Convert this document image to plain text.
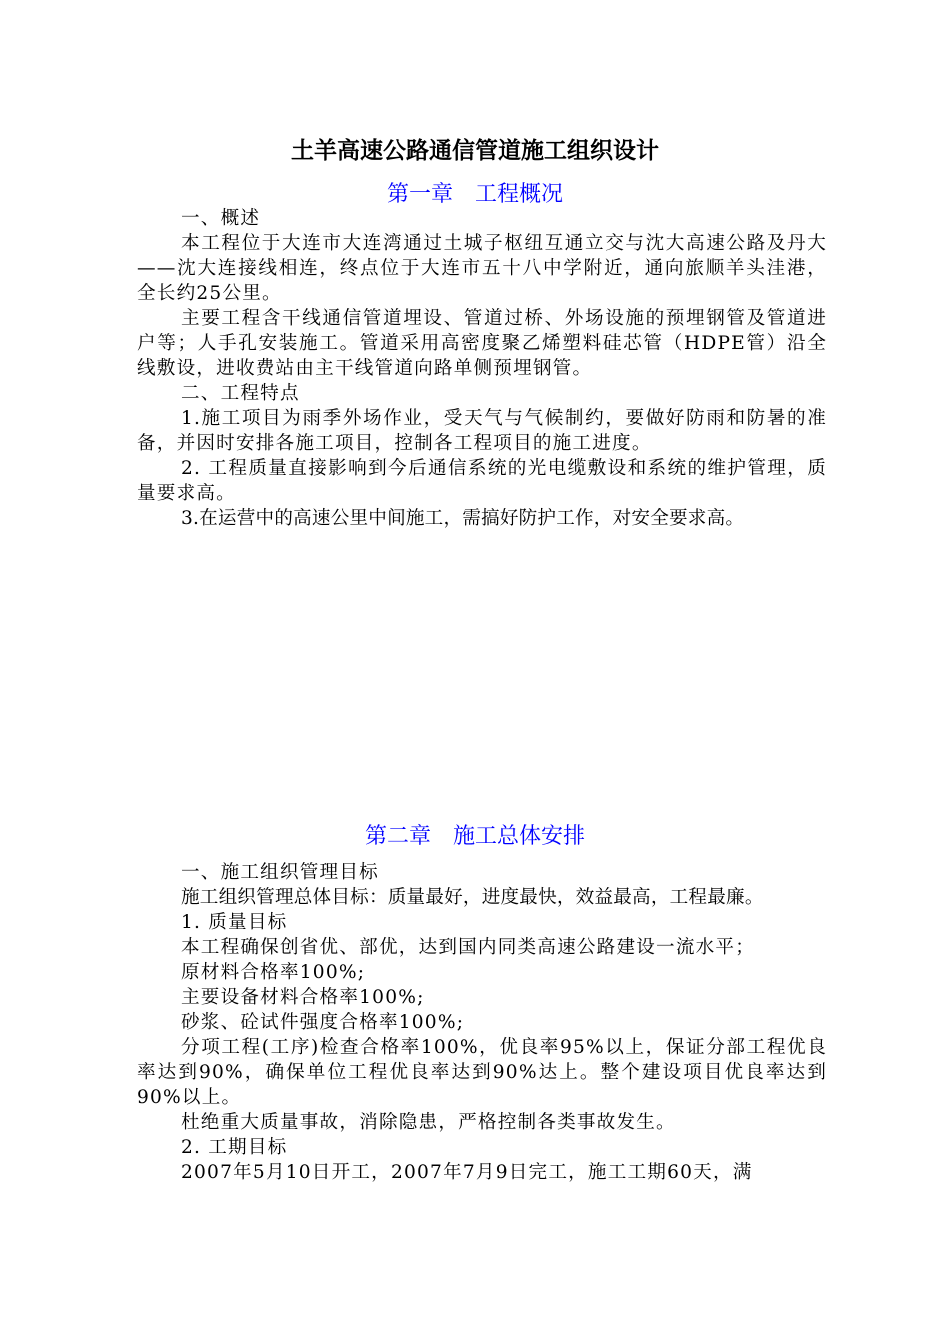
土羊高速公路通信管道施工组织设计
第一章　工程概况

一、概述

本工程位于大连市大连湾通过土城子枢纽互通立交与沈大高速公路及丹大——沈大连接线相连，终点位于大连市五十八中学附近，通向旅顺羊头洼港，全长约25公里。

主要工程含干线通信管道埋设、管道过桥、外场设施的预埋钢管及管道进户等；人手孔安装施工。管道采用高密度聚乙烯塑料硅芯管（HDPE管）沿全线敷设，进收费站由主干线管道向路单侧预埋钢管。

二、工程特点

1.施工项目为雨季外场作业，受天气与气候制约，要做好防雨和防暑的准备，并因时安排各施工项目，控制各工程项目的施工进度。

2. 工程质量直接影响到今后通信系统的光电缆敷设和系统的维护管理，质量要求高。

3.在运营中的高速公里中间施工，需搞好防护工作，对安全要求高。

第二章　施工总体安排

一、施工组织管理目标

施工组织管理总体目标：质量最好，进度最快，效益最高，工程最廉。

1. 质量目标

本工程确保创省优、部优，达到国内同类高速公路建设一流水平；

原材料合格率100%;

主要设备材料合格率100%;

砂浆、砼试件强度合格率100%;

分项工程(工序)检查合格率100%，优良率95%以上，保证分部工程优良率达到90%，确保单位工程优良率达到90%达上。整个建设项目优良率达到90%以上。

杜绝重大质量事故，消除隐患，严格控制各类事故发生。

2. 工期目标

2007年5月10日开工，2007年7月9日完工，施工工期60天，满
